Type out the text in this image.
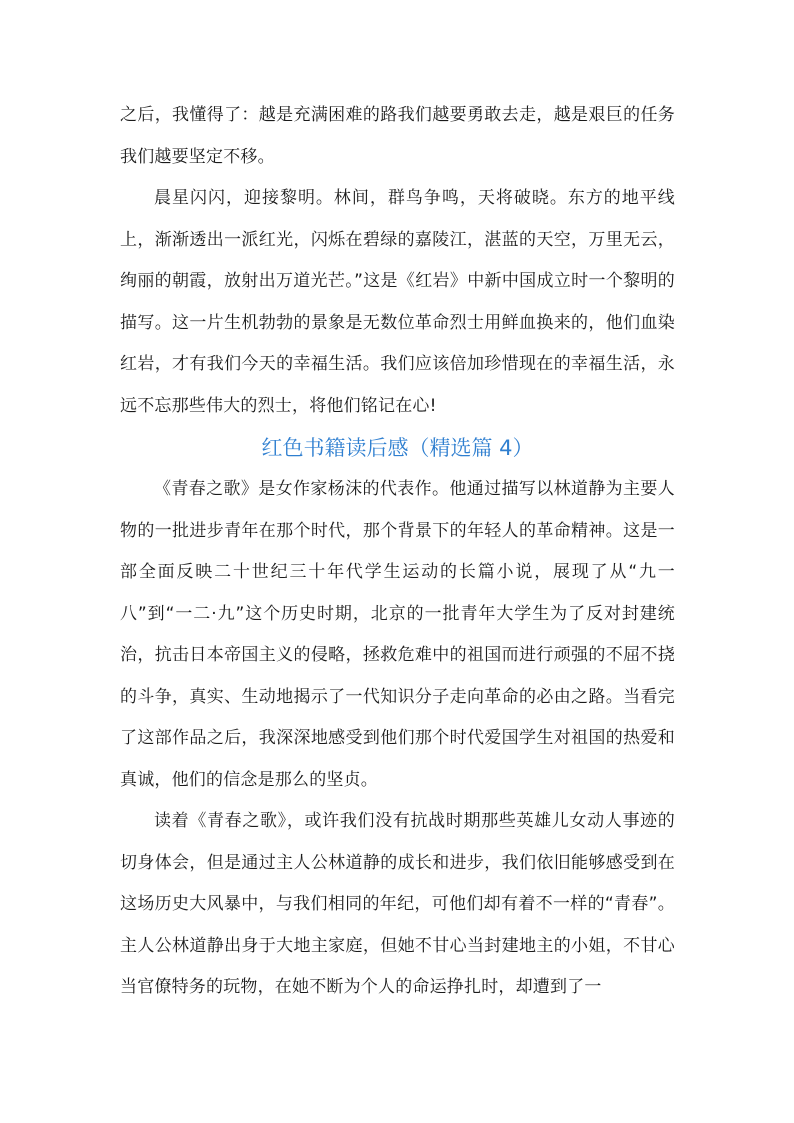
之后，我懂得了：越是充满困难的路我们越要勇敢去走，越是艰巨的任务我们越要坚定不移。

晨星闪闪，迎接黎明。林间，群鸟争鸣，天将破晓。东方的地平线上，渐渐透出一派红光，闪烁在碧绿的嘉陵江，湛蓝的天空，万里无云，绚丽的朝霞，放射出万道光芒。”这是《红岩》中新中国成立时一个黎明的描写。这一片生机勃勃的景象是无数位革命烈士用鲜血换来的，他们血染红岩，才有我们今天的幸福生活。我们应该倍加珍惜现在的幸福生活，永远不忘那些伟大的烈士，将他们铭记在心!

红色书籍读后感（精选篇 4）

《青春之歌》是女作家杨沫的代表作。他通过描写以林道静为主要人物的一批进步青年在那个时代，那个背景下的年轻人的革命精神。这是一部全面反映二十世纪三十年代学生运动的长篇小说，展现了从“九一八”到“一二·九”这个历史时期，北京的一批青年大学生为了反对封建统治，抗击日本帝国主义的侵略，拯救危难中的祖国而进行顽强的不屈不挠的斗争，真实、生动地揭示了一代知识分子走向革命的必由之路。当看完了这部作品之后，我深深地感受到他们那个时代爱国学生对祖国的热爱和真诚，他们的信念是那么的坚贞。

读着《青春之歌》，或许我们没有抗战时期那些英雄儿女动人事迹的切身体会，但是通过主人公林道静的成长和进步，我们依旧能够感受到在这场历史大风暴中，与我们相同的年纪，可他们却有着不一样的“青春”。主人公林道静出身于大地主家庭，但她不甘心当封建地主的小姐，不甘心当官僚特务的玩物，在她不断为个人的命运挣扎时，却遭到了一
